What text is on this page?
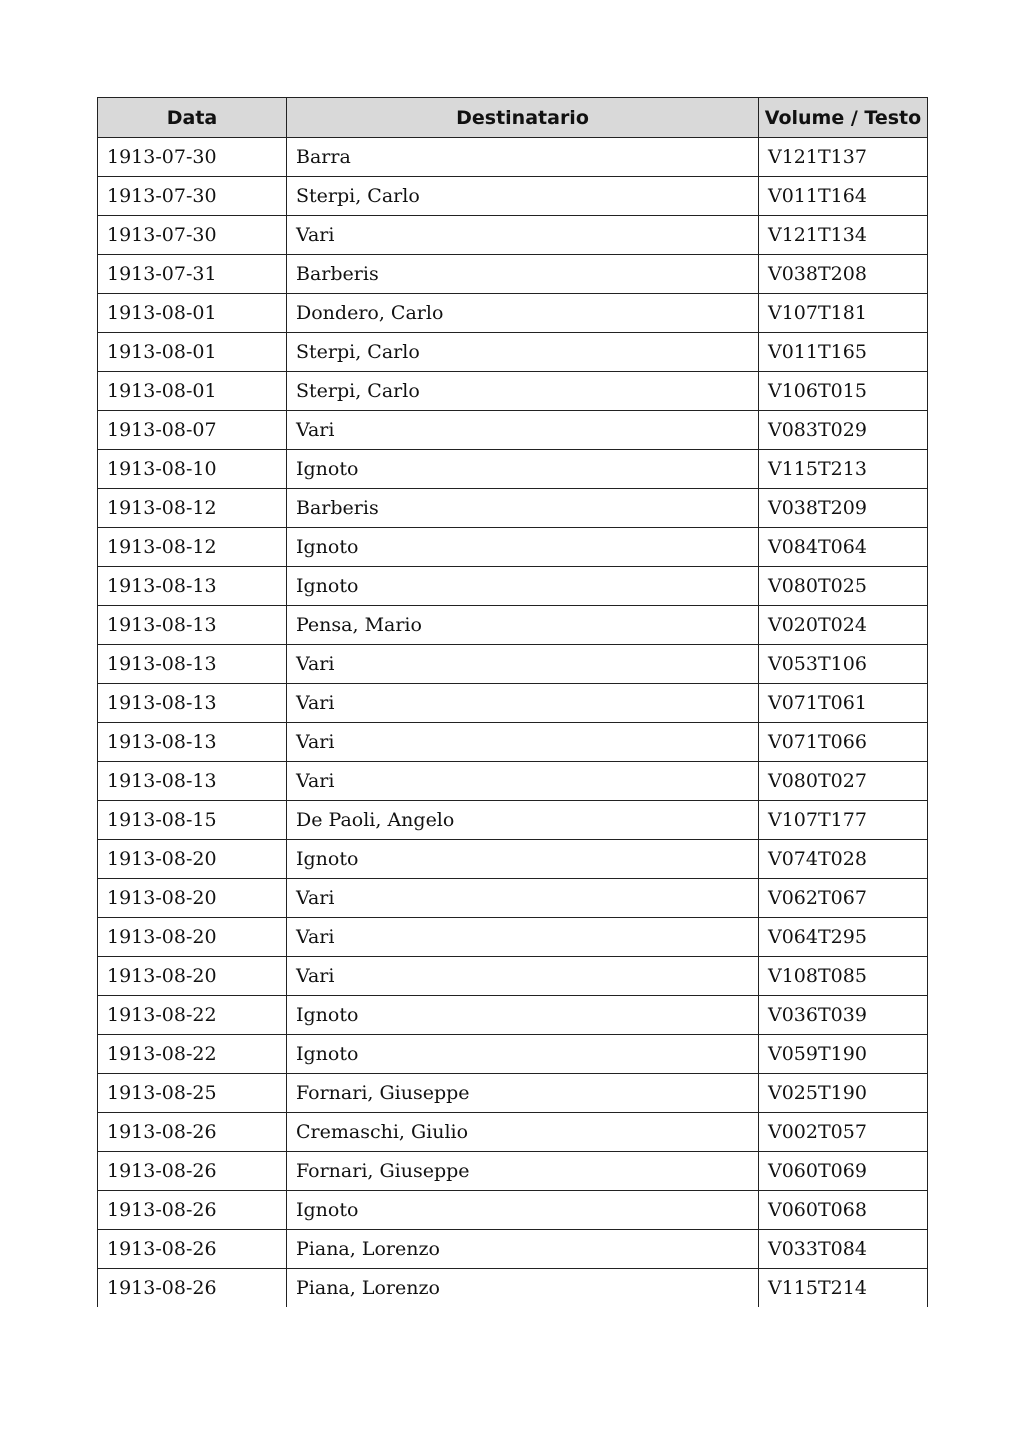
Data	Destinatario	Volume / Testo
1913-07-30	Barra	V121T137
1913-07-30	Sterpi, Carlo	V011T164
1913-07-30	Vari	V121T134
1913-07-31	Barberis	V038T208
1913-08-01	Dondero, Carlo	V107T181
1913-08-01	Sterpi, Carlo	V011T165
1913-08-01	Sterpi, Carlo	V106T015
1913-08-07	Vari	V083T029
1913-08-10	Ignoto	V115T213
1913-08-12	Barberis	V038T209
1913-08-12	Ignoto	V084T064
1913-08-13	Ignoto	V080T025
1913-08-13	Pensa, Mario	V020T024
1913-08-13	Vari	V053T106
1913-08-13	Vari	V071T061
1913-08-13	Vari	V071T066
1913-08-13	Vari	V080T027
1913-08-15	De Paoli, Angelo	V107T177
1913-08-20	Ignoto	V074T028
1913-08-20	Vari	V062T067
1913-08-20	Vari	V064T295
1913-08-20	Vari	V108T085
1913-08-22	Ignoto	V036T039
1913-08-22	Ignoto	V059T190
1913-08-25	Fornari, Giuseppe	V025T190
1913-08-26	Cremaschi, Giulio	V002T057
1913-08-26	Fornari, Giuseppe	V060T069
1913-08-26	Ignoto	V060T068
1913-08-26	Piana, Lorenzo	V033T084
1913-08-26	Piana, Lorenzo	V115T214
